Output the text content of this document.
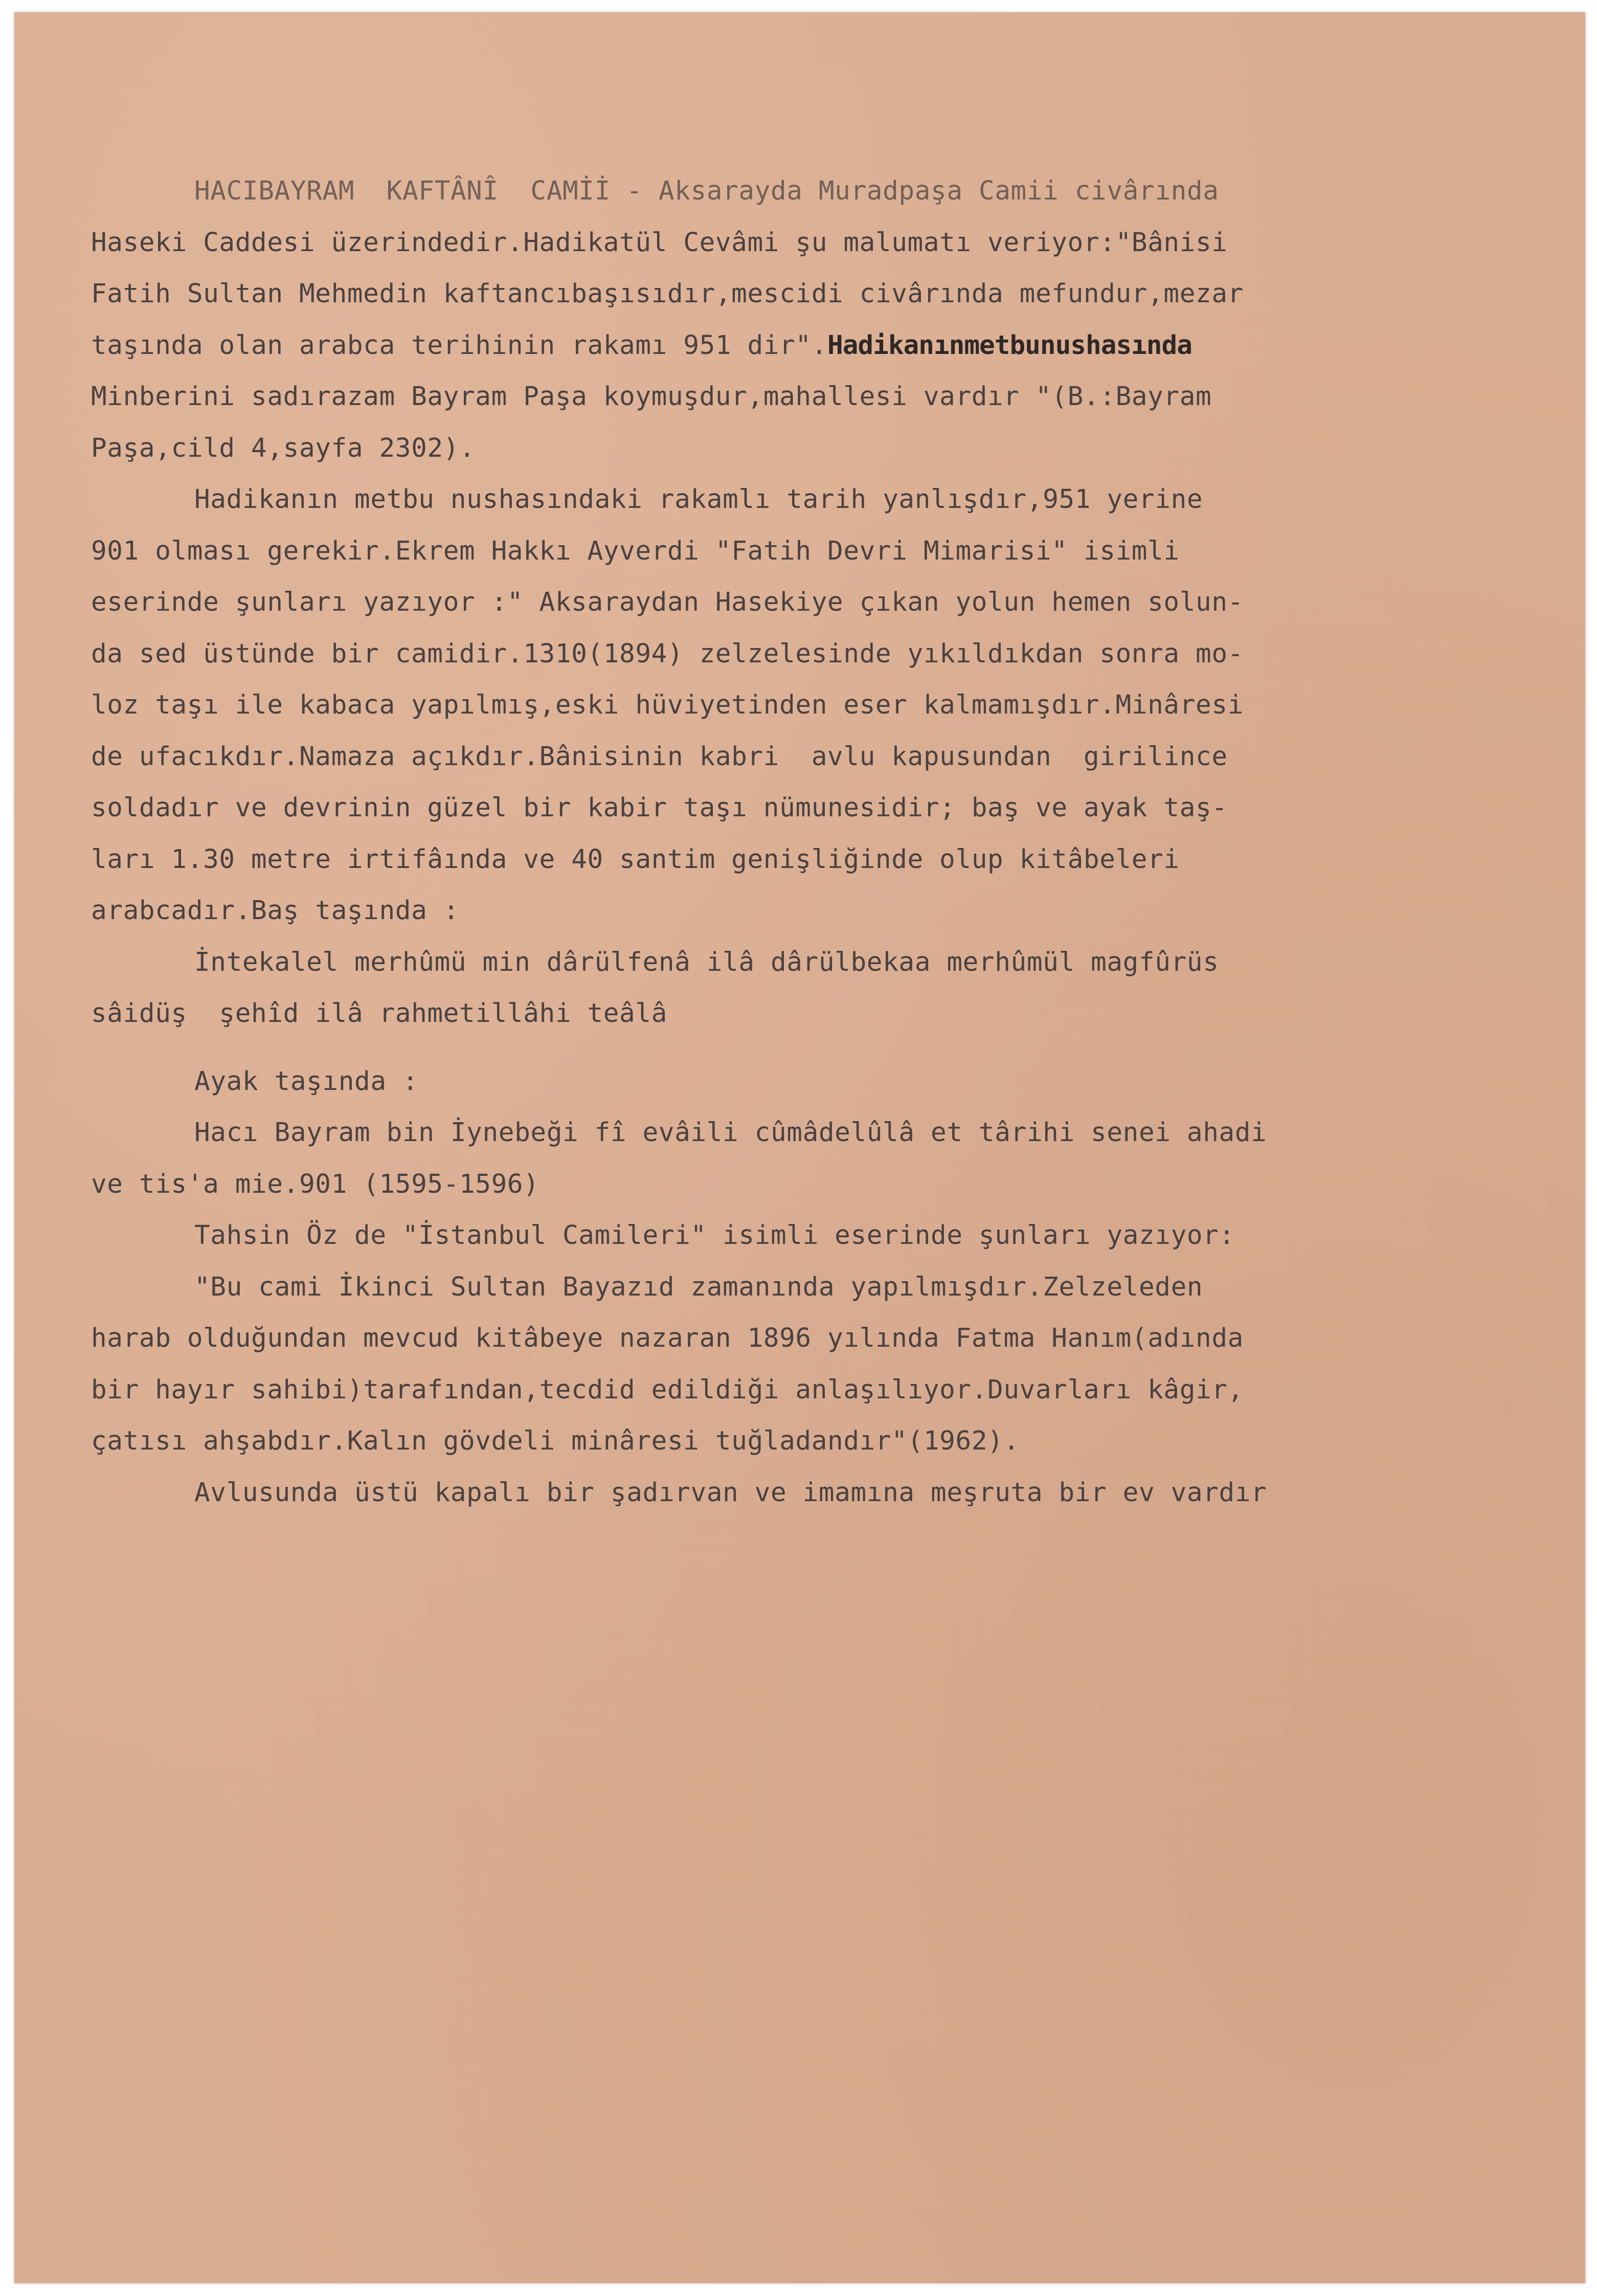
HACIBAYRAM  KAFTÂNÎ  CAMİİ - Aksarayda Muradpaşa Camii civârında
Haseki Caddesi üzerindedir.Hadikatül Cevâmi şu malumatı veriyor:"Bânisi
Fatih Sultan Mehmedin kaftancıbaşısıdır,mescidi civârında mefundur,mezar
taşında olan arabca terihinin rakamı 951 dir".Hadikanınmetbunushasında
Minberini sadırazam Bayram Paşa koymuşdur,mahallesi vardır "(B.:Bayram
Paşa,cild 4,sayfa 2302).
Hadikanın metbu nushasındaki rakamlı tarih yanlışdır,951 yerine
901 olması gerekir.Ekrem Hakkı Ayverdi "Fatih Devri Mimarisi" isimli
eserinde şunları yazıyor :" Aksaraydan Hasekiye çıkan yolun hemen solun-
da sed üstünde bir camidir.1310(1894) zelzelesinde yıkıldıkdan sonra mo-
loz taşı ile kabaca yapılmış,eski hüviyetinden eser kalmamışdır.Minâresi
de ufacıkdır.Namaza açıkdır.Bânisinin kabri  avlu kapusundan  girilince
soldadır ve devrinin güzel bir kabir taşı nümunesidir; baş ve ayak taş-
ları 1.30 metre irtifâında ve 40 santim genişliğinde olup kitâbeleri
arabcadır.Baş taşında :
İntekalel merhûmü min dârülfenâ ilâ dârülbekaa merhûmül magfûrüs
sâidüş  şehîd ilâ rahmetillâhi teâlâ
Ayak taşında :
Hacı Bayram bin İynebeği fî evâili cûmâdelûlâ et târihi senei ahadi
ve tis'a mie.901 (1595-1596)
Tahsin Öz de "İstanbul Camileri" isimli eserinde şunları yazıyor:
"Bu cami İkinci Sultan Bayazıd zamanında yapılmışdır.Zelzeleden
harab olduğundan mevcud kitâbeye nazaran 1896 yılında Fatma Hanım(adında
bir hayır sahibi)tarafından,tecdid edildiği anlaşılıyor.Duvarları kâgir,
çatısı ahşabdır.Kalın gövdeli minâresi tuğladandır"(1962).
Avlusunda üstü kapalı bir şadırvan ve imamına meşruta bir ev vardır
